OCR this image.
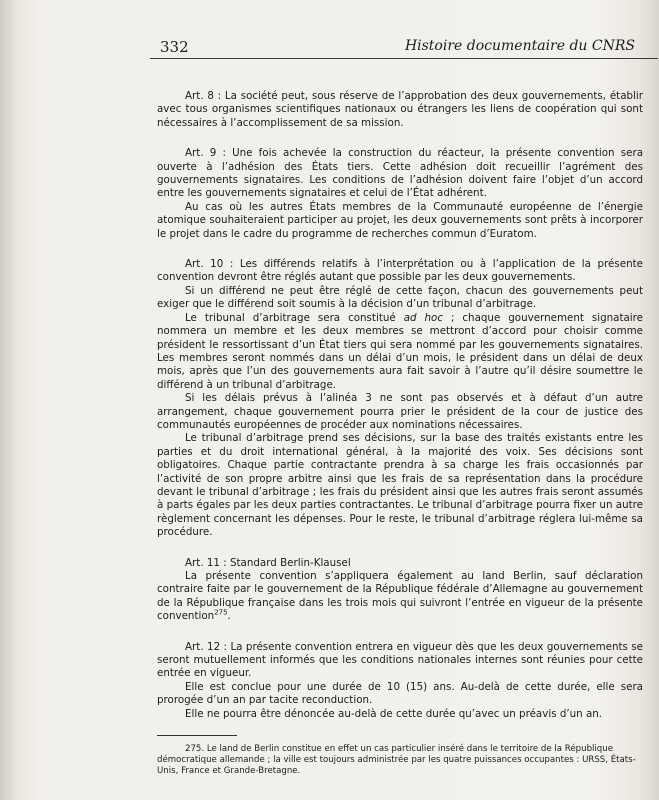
332	Histoire documentaire du CNRS

Art. 8 : La société peut, sous réserve de l’approbation des deux gouvernements, établir avec tous organismes scientifiques nationaux ou étrangers les liens de coopération qui sont nécessaires à l’accomplissement de sa mission.

Art. 9 : Une fois achevée la construction du réacteur, la présente convention sera ouverte à l’adhésion des États tiers. Cette adhésion doit recueillir l’agrément des gouvernements signataires. Les conditions de l’adhésion doivent faire l’objet d’un accord entre les gouvernements signataires et celui de l’État adhérent.

Au cas où les autres États membres de la Communauté européenne de l’énergie atomique souhaiteraient participer au projet, les deux gouvernements sont prêts à incorporer le projet dans le cadre du programme de recherches commun d’Euratom.

Art. 10 : Les différends relatifs à l’interprétation ou à l’application de la présente convention devront être réglés autant que possible par les deux gouvernements.

Si un différend ne peut être réglé de cette façon, chacun des gouvernements peut exiger que le différend soit soumis à la décision d’un tribunal d’arbitrage.

Le tribunal d’arbitrage sera constitué ad hoc ; chaque gouvernement signataire nommera un membre et les deux membres se mettront d’accord pour choisir comme président le ressortissant d’un État tiers qui sera nommé par les gouvernements signataires. Les membres seront nommés dans un délai d’un mois, le président dans un délai de deux mois, après que l’un des gouvernements aura fait savoir à l’autre qu’il désire soumettre le différend à un tribunal d’arbitrage.

Si les délais prévus à l’alinéa 3 ne sont pas observés et à défaut d’un autre arrangement, chaque gouvernement pourra prier le président de la cour de justice des communautés européennes de procéder aux nominations nécessaires.

Le tribunal d’arbitrage prend ses décisions, sur la base des traités existants entre les parties et du droit international général, à la majorité des voix. Ses décisions sont obligatoires. Chaque partie contractante prendra à sa charge les frais occasionnés par l’activité de son propre arbitre ainsi que les frais de sa représentation dans la procédure devant le tribunal d’arbitrage ; les frais du président ainsi que les autres frais seront assumés à parts égales par les deux parties contractantes. Le tribunal d’arbitrage pourra fixer un autre règlement concernant les dépenses. Pour le reste, le tribunal d’arbitrage réglera lui-même sa procédure.

Art. 11 : Standard Berlin-Klausel

La présente convention s’appliquera également au land Berlin, sauf déclaration contraire faite par le gouvernement de la République fédérale d’Allemagne au gouvernement de la République française dans les trois mois qui suivront l’entrée en vigueur de la présente convention$^{275}$.

Art. 12 : La présente convention entrera en vigueur dès que les deux gouvernements se seront mutuellement informés que les conditions nationales internes sont réunies pour cette entrée en vigueur.

Elle est conclue pour une durée de 10 (15) ans. Au-delà de cette durée, elle sera prorogée d’un an par tacite reconduction.

Elle ne pourra être dénoncée au-delà de cette durée qu’avec un préavis d’un an.

275. Le land de Berlin constitue en effet un cas particulier inséré dans le territoire de la République démocratique allemande ; la ville est toujours administrée par les quatre puissances occupantes : URSS, États-Unis, France et Grande-Bretagne.
